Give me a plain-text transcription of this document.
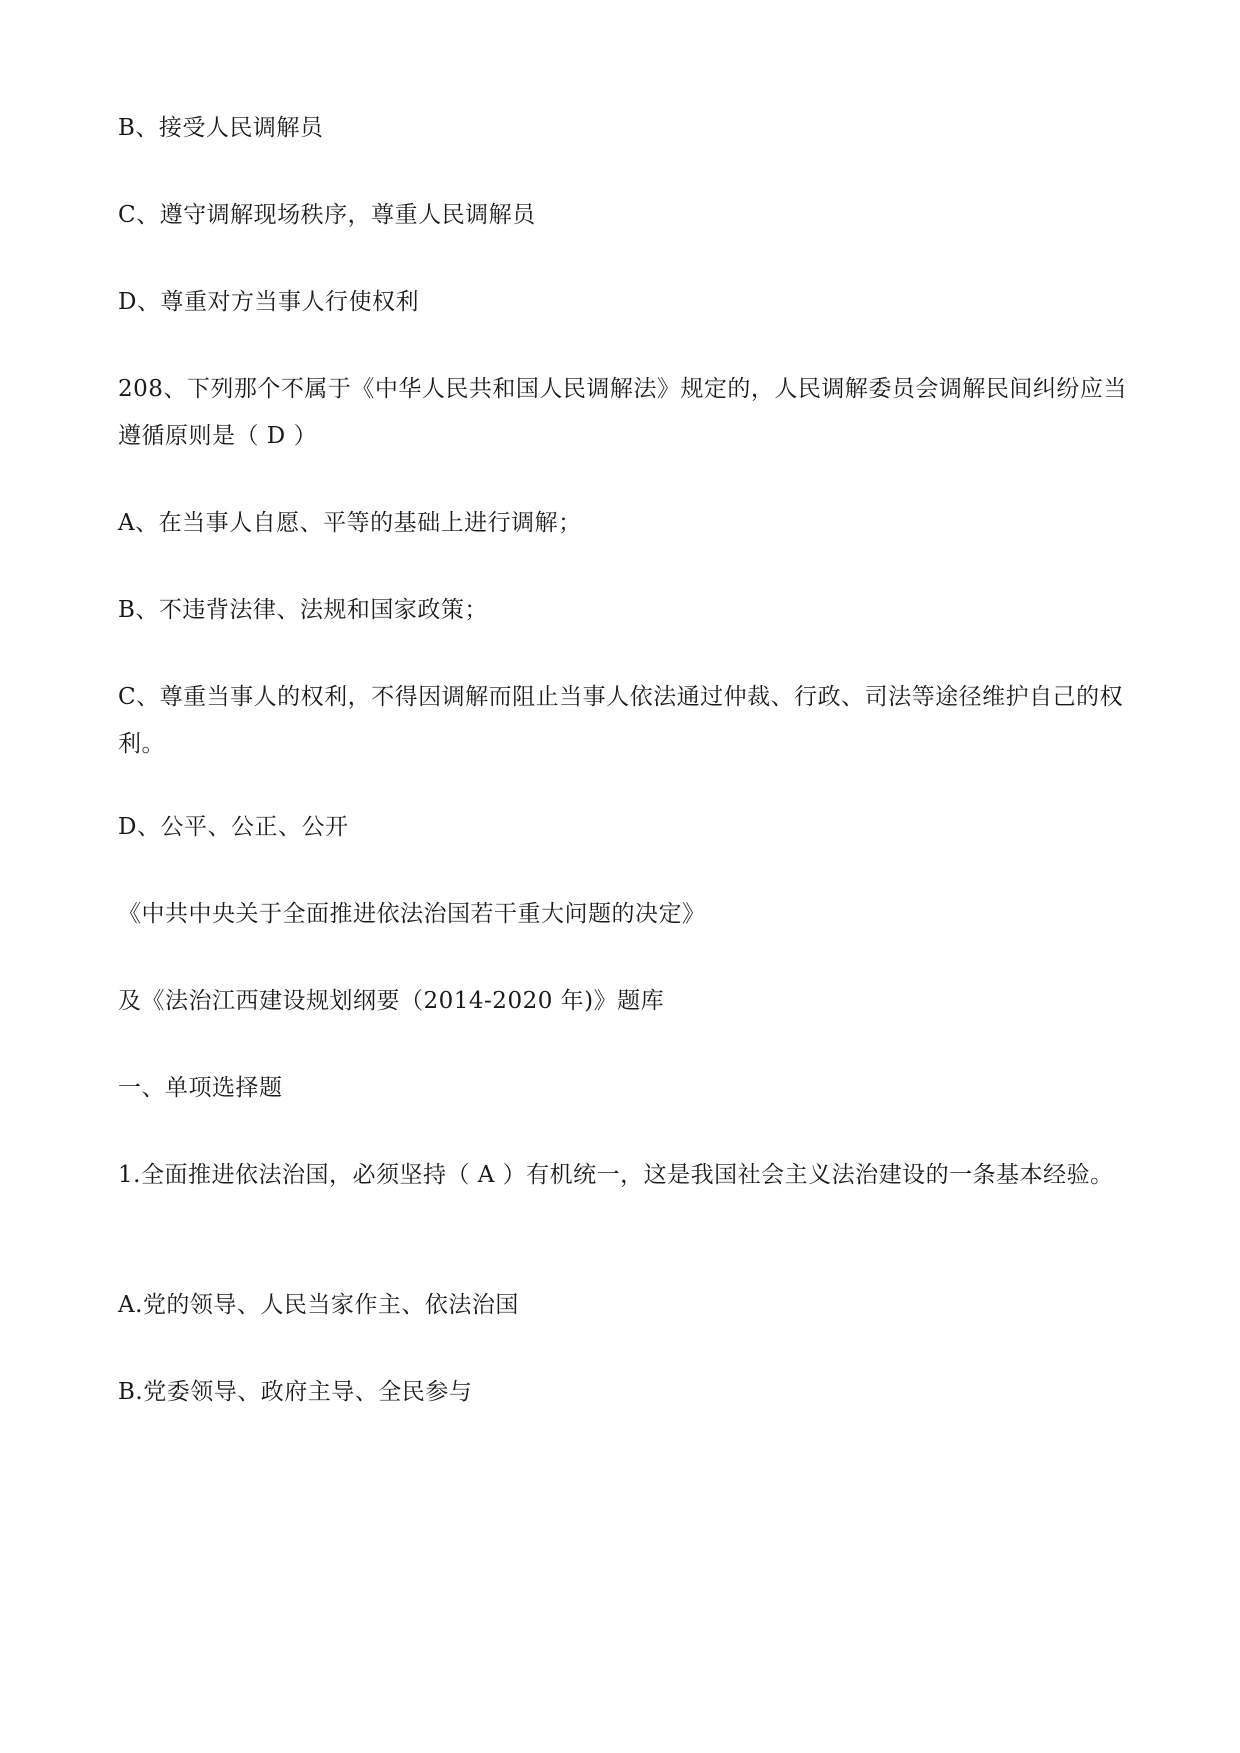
B、接受人民调解员
C、遵守调解现场秩序，尊重人民调解员
D、尊重对方当事人行使权利
208、下列那个不属于《中华人民共和国人民调解法》规定的，人民调解委员会调解民间纠纷应当遵循原则是（ D ）
A、在当事人自愿、平等的基础上进行调解；
B、不违背法律、法规和国家政策；
C、尊重当事人的权利，不得因调解而阻止当事人依法通过仲裁、行政、司法等途径维护自己的权利。
D、公平、公正、公开
《中共中央关于全面推进依法治国若干重大问题的决定》
及《法治江西建设规划纲要（2014-2020 年)》题库
一、单项选择题
1.全面推进依法治国，必须坚持（ A ）有机统一，这是我国社会主义法治建设的一条基本经验。
A.党的领导、人民当家作主、依法治国
B.党委领导、政府主导、全民参与
